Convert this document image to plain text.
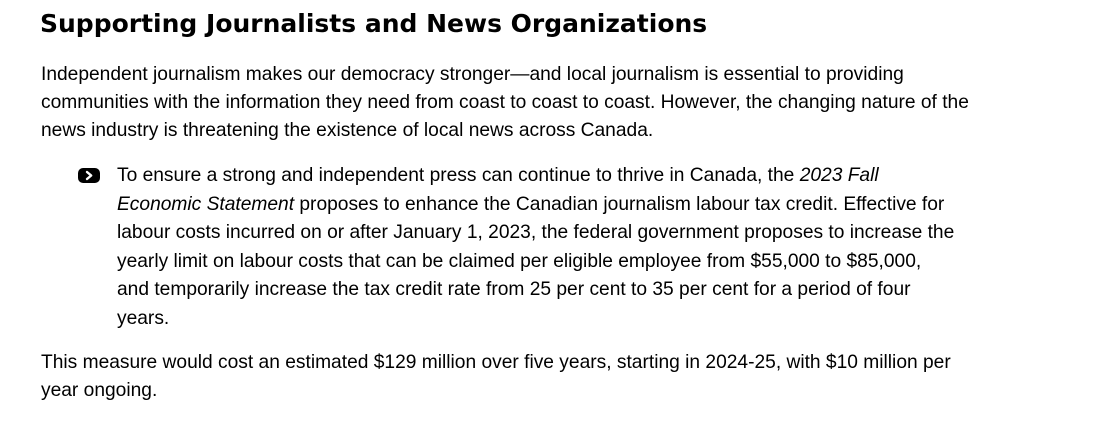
Supporting Journalists and News Organizations

Independent journalism makes our democracy stronger—and local journalism is essential to providing
communities with the information they need from coast to coast to coast. However, the changing nature of the
news industry is threatening the existence of local news across Canada.

To ensure a strong and independent press can continue to thrive in Canada, the 2023 Fall
Economic Statement proposes to enhance the Canadian journalism labour tax credit. Effective for
labour costs incurred on or after January 1, 2023, the federal government proposes to increase the
yearly limit on labour costs that can be claimed per eligible employee from $55,000 to $85,000,
and temporarily increase the tax credit rate from 25 per cent to 35 per cent for a period of four
years.

This measure would cost an estimated $129 million over five years, starting in 2024-25, with $10 million per
year ongoing.
